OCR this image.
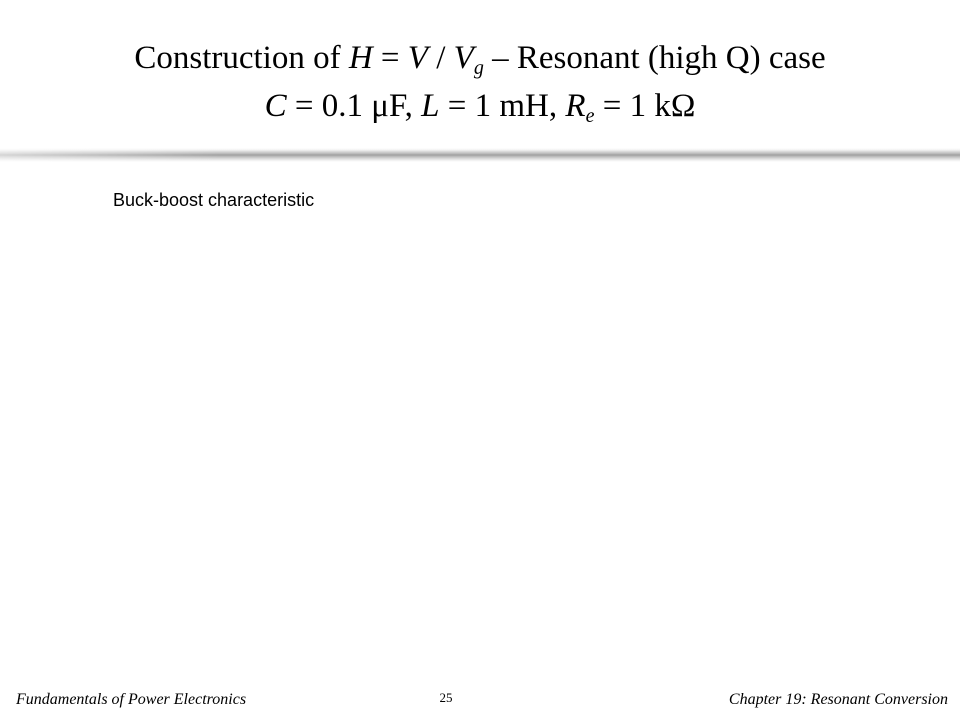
Construction of $H = V / V_g$ – Resonant (high Q) case
C = 0.1 μF, L = 1 mH, $R_e = 1$ kΩ
Buck-boost characteristic
Fundamentals of Power Electronics	25	Chapter 19: Resonant Conversion
